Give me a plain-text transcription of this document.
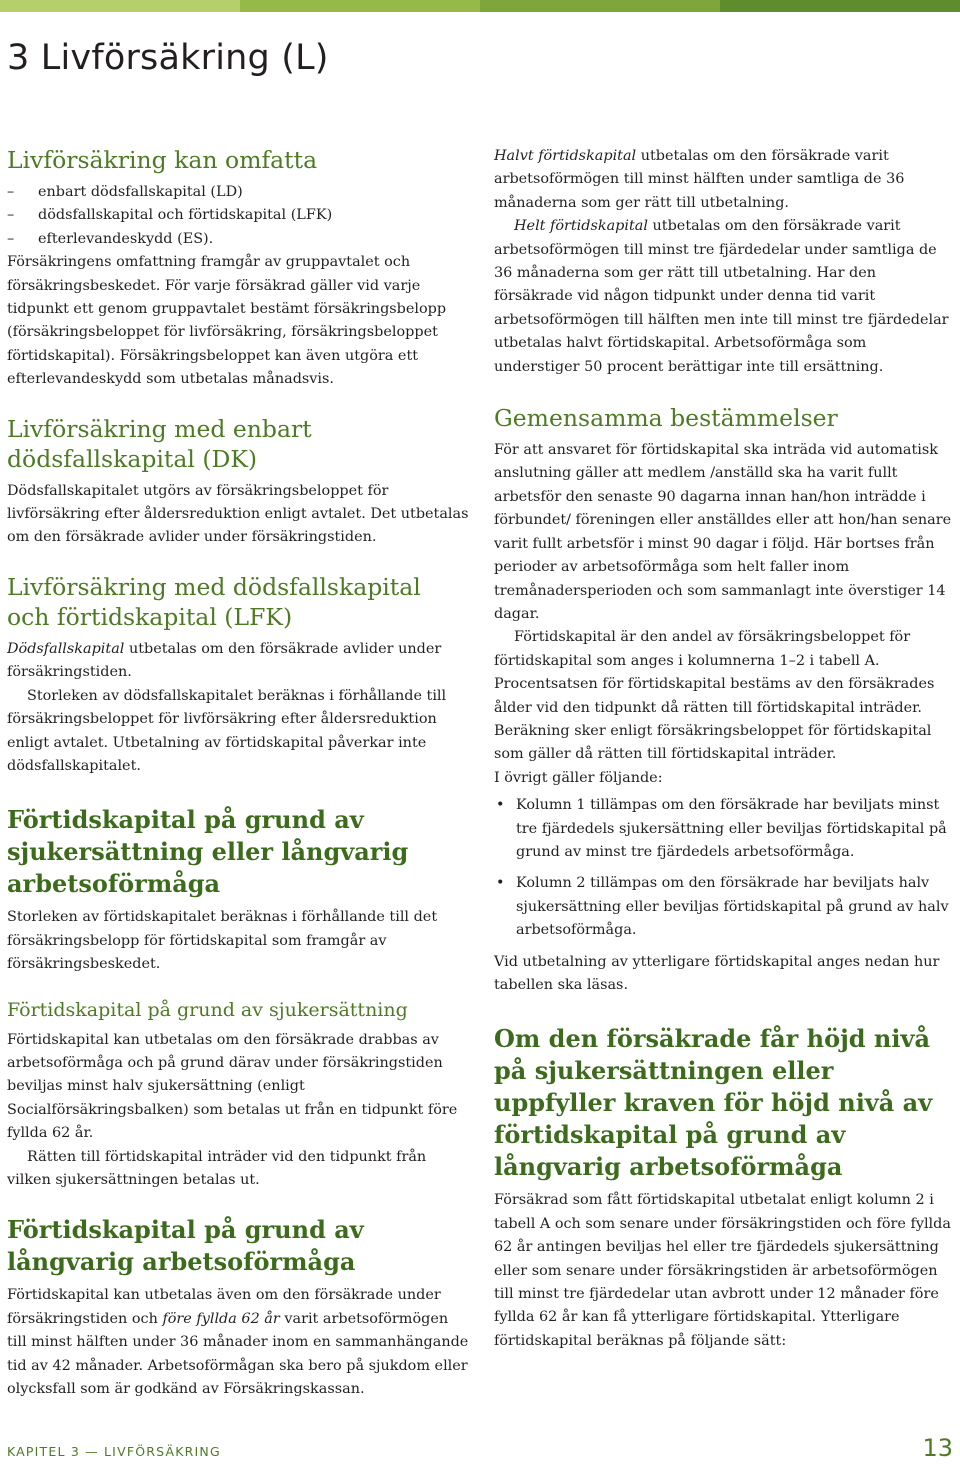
3 Livförsäkring (L)
Livförsäkring kan omfatta
– enbart dödsfallskapital (LD)
– dödsfallskapital och förtidskapital (LFK)
– efterlevandeskydd (ES).

Försäkringens omfattning framgår av gruppavtalet och försäkringsbeskedet. För varje försäkrad gäller vid varje tidpunkt ett genom gruppavtalet bestämt försäkringsbelopp (försäkringsbeloppet för livförsäkring, försäkringsbeloppet förtidskapital). Försäkringsbeloppet kan även utgöra ett efterlevandeskydd som utbetalas månadsvis.

Livförsäkring med enbart dödsfallskapital (DK)

Dödsfallskapitalet utgörs av försäkringsbeloppet för livförsäkring efter åldersreduktion enligt avtalet. Det utbetalas om den försäkrade avlider under försäkringstiden.

Livförsäkring med dödsfallskapital och förtidskapital (LFK)

Dödsfallskapital utbetalas om den försäkrade avlider under försäkringstiden.

Storleken av dödsfallskapitalet beräknas i förhållande till försäkringsbeloppet för livförsäkring efter åldersreduktion enligt avtalet. Utbetalning av förtidskapital påverkar inte dödsfallskapitalet.

Förtidskapital på grund av sjukersättning eller långvarig arbetsoförmåga

Storleken av förtidskapitalet beräknas i förhållande till det försäkringsbelopp för förtidskapital som framgår av försäkringsbeskedet.

Förtidskapital på grund av sjukersättning

Förtidskapital kan utbetalas om den försäkrade drabbas av arbetsoförmåga och på grund därav under försäkringstiden beviljas minst halv sjukersättning (enligt Socialförsäkringsbalken) som betalas ut från en tidpunkt före fyllda 62 år.

Rätten till förtidskapital inträder vid den tidpunkt från vilken sjukersättningen betalas ut.

Förtidskapital på grund av långvarig arbetsoförmåga

Förtidskapital kan utbetalas även om den försäkrade under försäkringstiden och före fyllda 62 år varit arbetsoförmögen till minst hälften under 36 månader inom en sammanhängande tid av 42 månader. Arbetsoförmågan ska bero på sjukdom eller olycksfall som är godkänd av Försäkringskassan.

Halvt förtidskapital utbetalas om den försäkrade varit arbetsoförmögen till minst hälften under samtliga de 36 månaderna som ger rätt till utbetalning.

Helt förtidskapital utbetalas om den försäkrade varit arbetsoförmögen till minst tre fjärdedelar under samtliga de 36 månaderna som ger rätt till utbetalning. Har den försäkrade vid någon tidpunkt under denna tid varit arbetsoförmögen till hälften men inte till minst tre fjärdedelar utbetalas halvt förtidskapital. Arbetsoförmåga som understiger 50 procent berättigar inte till ersättning.

Gemensamma bestämmelser

För att ansvaret för förtidskapital ska inträda vid automatisk anslutning gäller att medlem /anställd ska ha varit fullt arbetsför den senaste 90 dagarna innan han/hon inträdde i förbundet/ föreningen eller anställdes eller att hon/han senare varit fullt arbetsför i minst 90 dagar i följd. Här bortses från perioder av arbetsoförmåga som helt faller inom tremånadersperioden och som sammanlagt inte överstiger 14 dagar.

Förtidskapital är den andel av försäkringsbeloppet för förtidskapital som anges i kolumnerna 1–2 i tabell A. Procentsatsen för förtidskapital bestäms av den försäkrades ålder vid den tidpunkt då rätten till förtidskapital inträder. Beräkning sker enligt försäkringsbeloppet för förtidskapital som gäller då rätten till förtidskapital inträder.

I övrigt gäller följande:

• Kolumn 1 tillämpas om den försäkrade har beviljats minst tre fjärdedels sjukersättning eller beviljas förtidskapital på grund av minst tre fjärdedels arbetsoförmåga.
• Kolumn 2 tillämpas om den försäkrade har beviljats halv sjukersättning eller beviljas förtidskapital på grund av halv arbetsoförmåga.

Vid utbetalning av ytterligare förtidskapital anges nedan hur tabellen ska läsas.

Om den försäkrade får höjd nivå på sjukersättningen eller uppfyller kraven för höjd nivå av förtidskapital på grund av långvarig arbetsoförmåga

Försäkrad som fått förtidskapital utbetalat enligt kolumn 2 i tabell A och som senare under försäkringstiden och före fyllda 62 år antingen beviljas hel eller tre fjärdedels sjukersättning eller som senare under försäkringstiden är arbetsoförmögen till minst tre fjärdedelar utan avbrott under 12 månader före fyllda 62 år kan få ytterligare förtidskapital. Ytterligare förtidskapital beräknas på följande sätt:

KAPITEL 3 — LIVFÖRSÄKRING	13
